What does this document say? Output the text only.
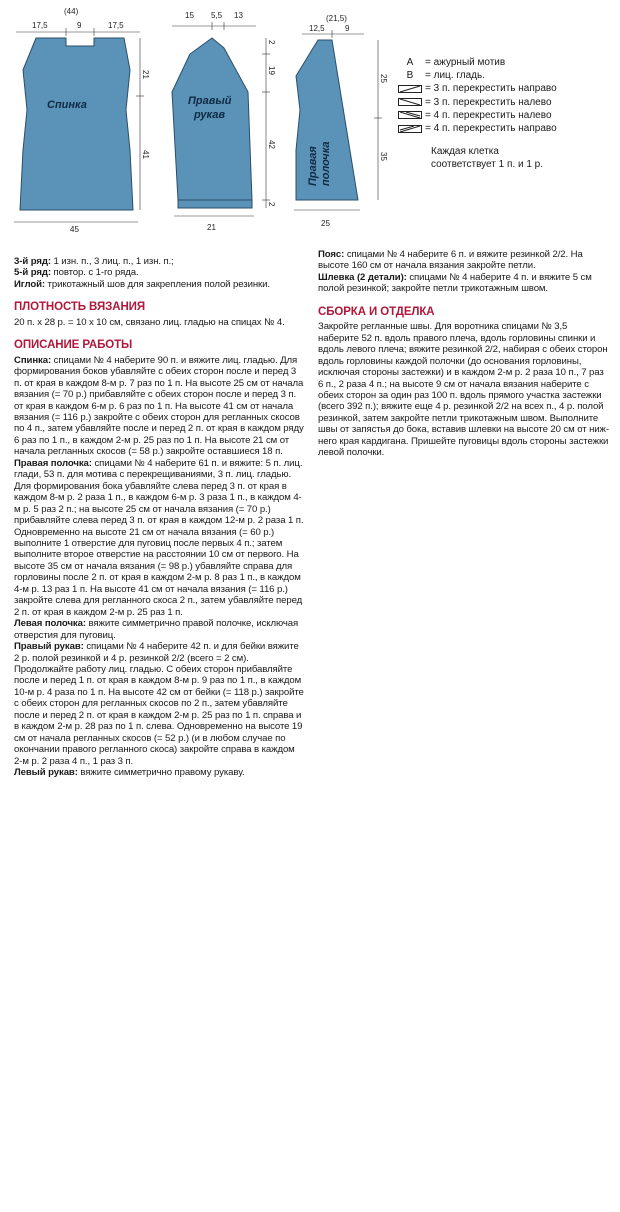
(44)
17,5	9	17,5
45
21
41
Спинка
15 5,5 13
21
2
19
42
2
Правый
рукав
(21,5)
12,5	9
25
25
35
Правая полочка
A	= ажурный мотив
B	= лиц. гладь.
= 3 п. перекрестить направо
= 3 п. перекрестить налево
= 4 п. перекрестить налево
= 4 п. перекрестить направо
Каждая клетка
соответствует 1 п. и 1 р.

3-й ряд: 1 изн. п., 3 лиц. п., 1 изн. п.;

5-й ряд: повтор. с 1-го ряда.

Иглой: трикотажный шов для закрепления полой резинки.

ПЛОТНОСТЬ ВЯЗАНИЯ

20 п. х 28 р. = 10 х 10 см, связано лиц. гладью на спицах № 4.

ОПИСАНИЕ РАБОТЫ

Спинка: спицами № 4 наберите 90 п. и вяжите лиц. гладью. Для формирования боков убавляйте с обеих сторон после и перед 3 п. от края в каждом 8-м р. 7 раз по 1 п. На высоте 25 см от начала вязания (= 70 р.) прибавляйте с обеих сторон после и перед 3 п. от края в каждом 6-м р. 6 раз по 1 п. На высоте 41 см от начала вязания (= 116 р.) закройте с обеих сторон для регланных скосов по 4 п., затем убавляйте после и перед 2 п. от края в каждом ряду 6 раз по 1 п., в каждом 2-м р. 25 раз по 1 п. На высоте 21 см от начала регланных скосов (= 58 р.) закройте оставшиеся 18 п.

Правая полочка: спицами № 4 наберите 61 п. и вяжите: 5 п. лиц. глади, 53 п. для мотива с перекрещиваниями, 3 п. лиц. гладью.

Для формирования бока убавляйте слева перед 3 п. от края в каждом 8-м р. 2 раза 1 п., в каждом 6-м р. 3 раза 1 п., в каждом 4-м р. 5 раз 2 п.; на высоте 25 см от начала вязания (= 70 р.) прибавляйте слева перед 3 п. от края в каждом 12-м р. 2 раза 1 п. Одновременно на высоте 21 см от начала вязания (= 60 р.) выполните 1 отверстие для пуговиц после первых 4 п.; затем выполните второе отверстие на расстоянии 10 см от первого. На высоте 35 см от начала вязания (= 98 р.) убавляйте справа для горловины после 2 п. от края в каждом 2-м р. 8 раз 1 п., в каждом 4-м р. 13 раз 1 п. На высоте 41 см от начала вязания (= 116 р.) закройте слева для регланного скоса 2 п., затем убавляйте перед 2 п. от края в каждом 2-м р. 25 раз 1 п.

Левая полочка: вяжите симметрично правой полочке, исключая отверстия для пуговиц.

Правый рукав: спицами № 4 наберите 42 п. и для бейки вяжите 2 р. полой резинкой и 4 р. резинкой 2/2 (всего = 2 см). Продолжайте работу лиц. гладью. С обеих сторон прибавляйте после и перед 1 п. от края в каждом 8-м р. 9 раз по 1 п., в каждом 10-м р. 4 раза по 1 п. На высоте 42 см от бейки (= 118 р.) закройте с обеих сторон для регланных скосов по 2 п., затем убавляйте после и перед 2 п. от края в каждом 2-м р. 25 раз по 1 п. справа и в каждом 2-м р. 28 раз по 1 п. слева. Одновременно на высоте 19 см от начала регланных скосов (= 52 р.) (и в любом случае по окончании правого регланного скоса) закройте справа в каждом 2-м р. 2 раза 4 п., 1 раз 3 п.

Левый рукав: вяжите симметрично правому рукаву.

Пояс: спицами № 4 наберите 6 п. и вяжите резинкой 2/2. На высоте 160 см от начала вязания закройте петли.

Шлевка (2 детали): спицами № 4 наберите 4 п. и вяжите 5 см полой резинкой; закройте петли трикотажным швом.

СБОРКА И ОТДЕЛКА

Закройте регланные швы. Для воротника спицами № 3,5 наберите 52 п. вдоль правого плеча, вдоль горловины спинки и вдоль левого плеча; вяжите резинкой 2/2, набирая с обеих сторон вдоль горловины каждой полочки (до основания горловины, исключая стороны застежки) и в каждом 2-м р. 2 раза 10 п., 7 раз 6 п., 2 раза 4 п.; на высоте 9 см от начала вязания наберите с обеих сторон за один раз 100 п. вдоль прямого участка застежки (всего 392 п.); вяжите еще 4 р. резинкой 2/2 на всех п., 4 р. полой резинкой, затем закройте петли трикотажным швом. Выполните швы от запястья до бока, вставив шлевки на высоте 20 см от нижнего края кардигана. Пришейте пуговицы вдоль стороны застежки левой полочки.
